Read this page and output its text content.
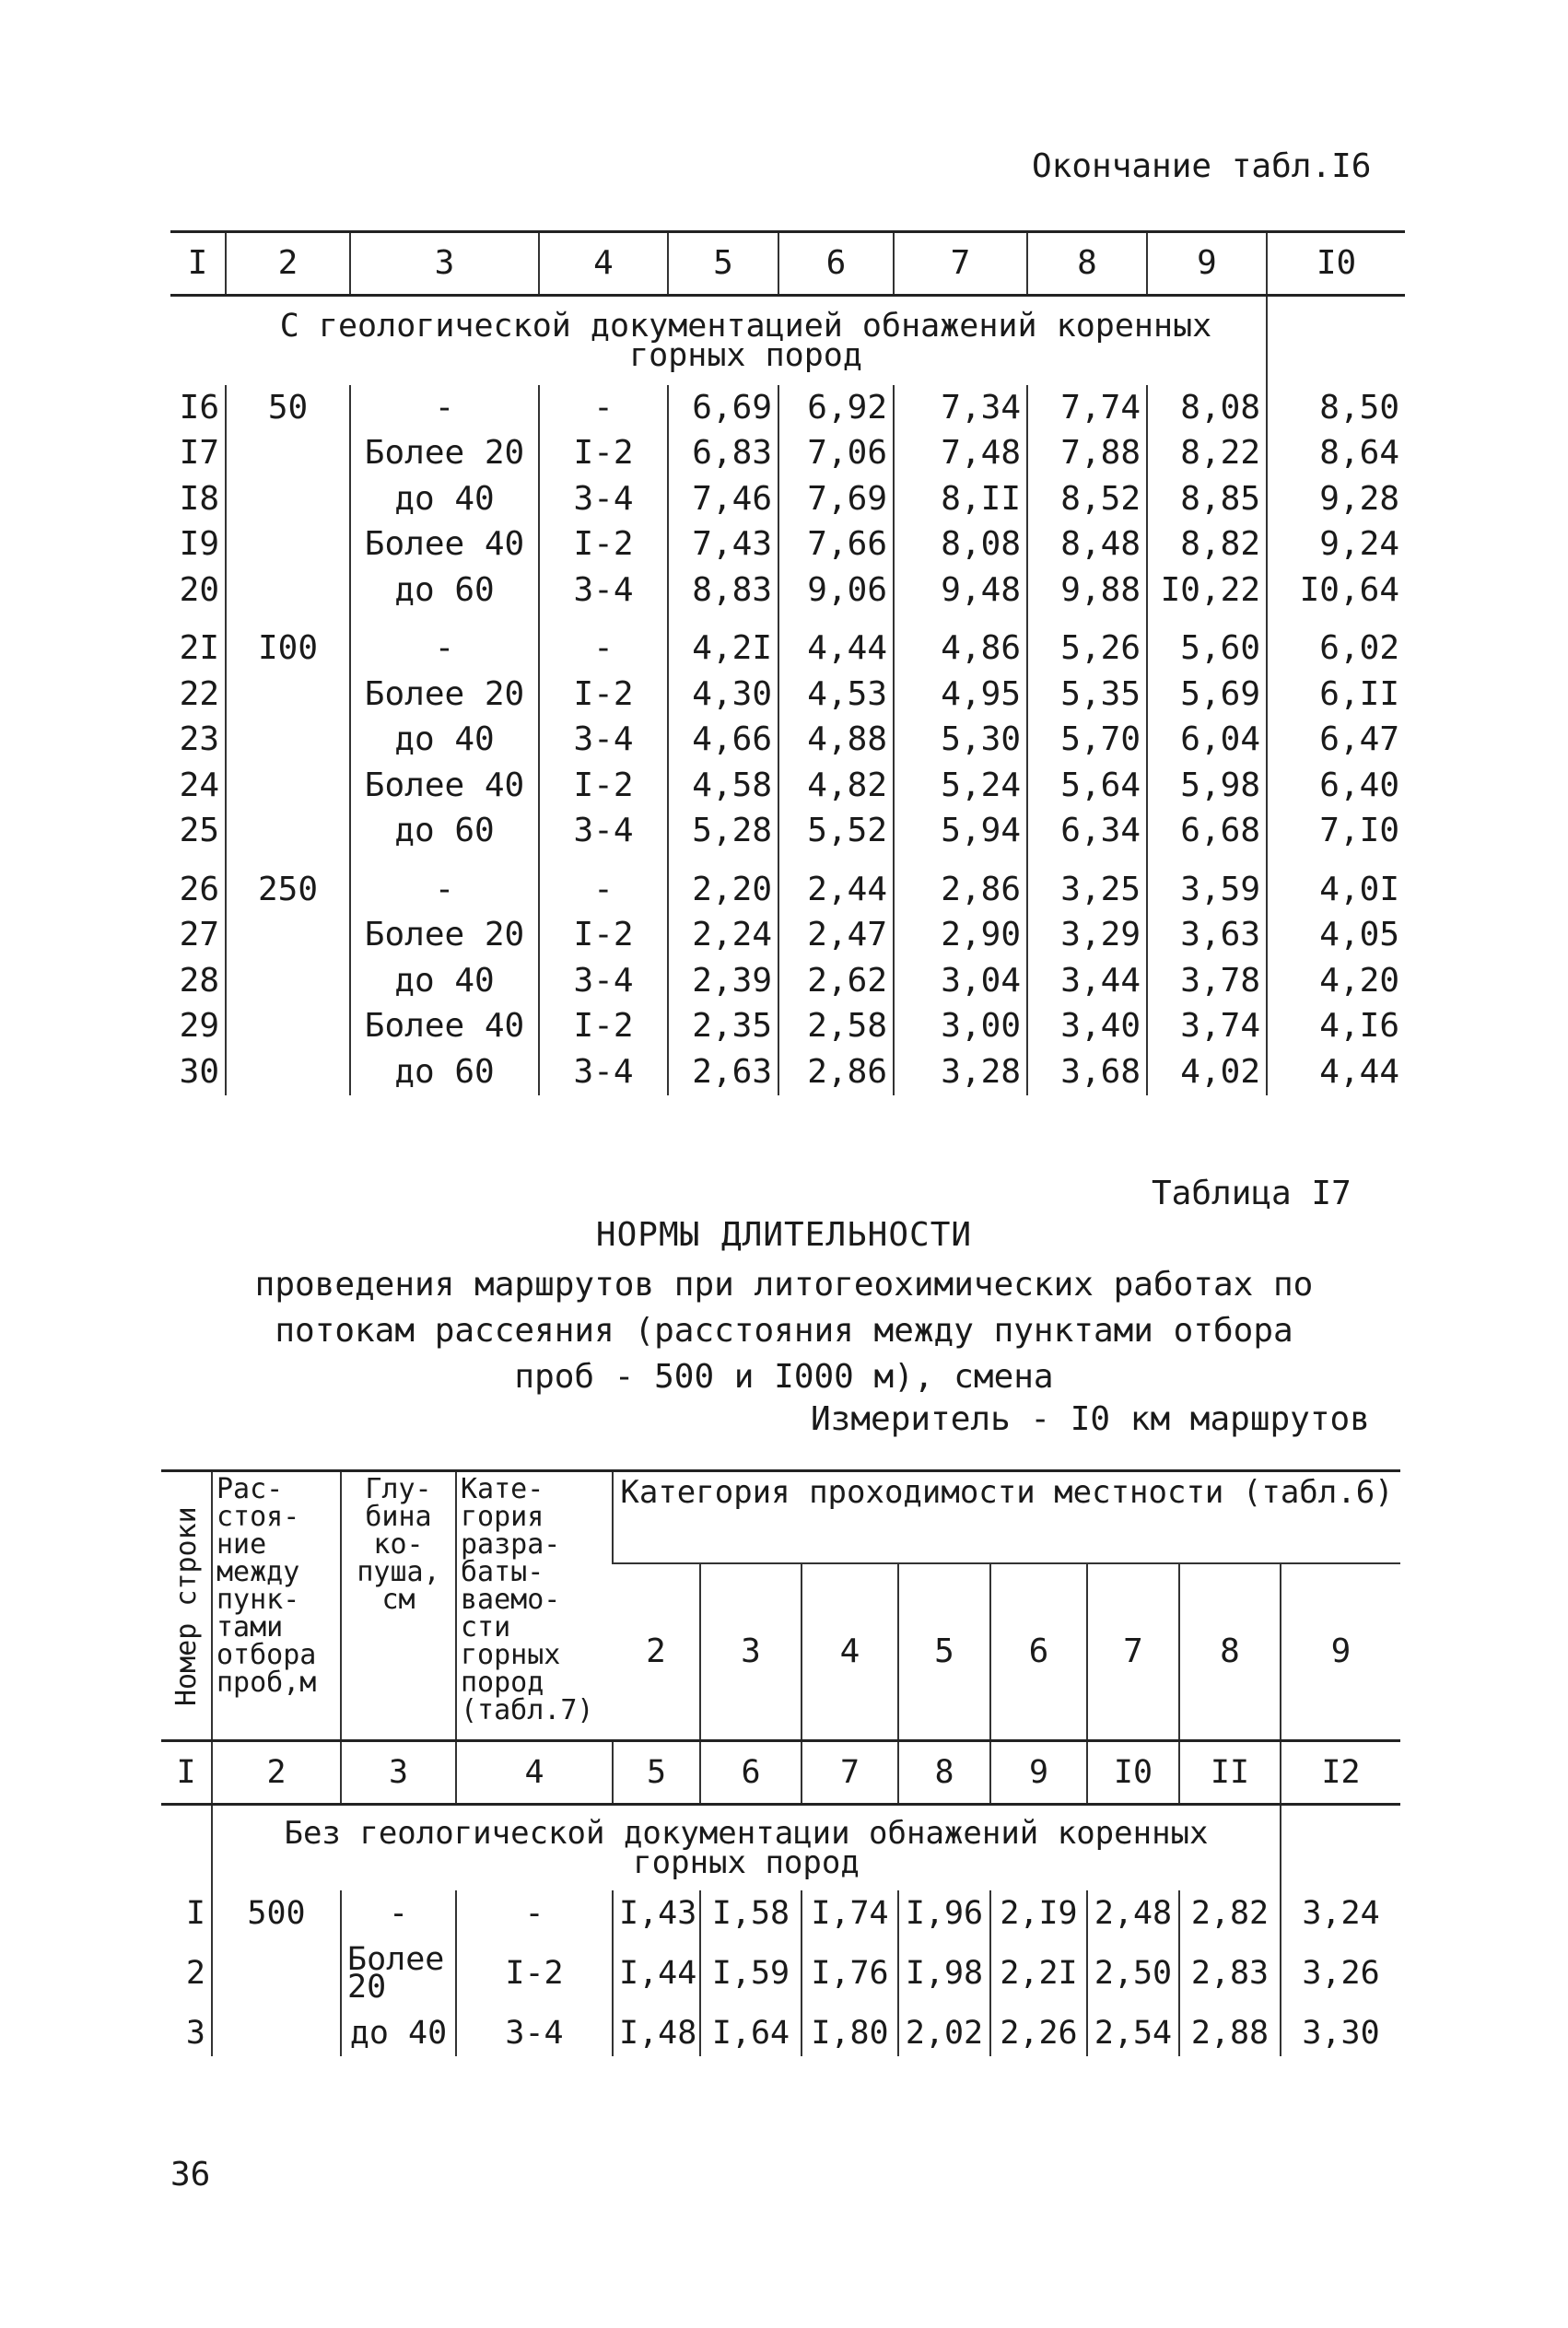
Окончание табл.I6
I	2	3	4	5	6	7	8	9	I0
	С геологической документацией обнажений коренных горных пород								
I6	50	-	-	6,69	6,92	7,34	7,74	8,08	8,50
I7		Более 20	I-2	6,83	7,06	7,48	7,88	8,22	8,64
I8		до 40	3-4	7,46	7,69	8,II	8,52	8,85	9,28
I9		Более 40	I-2	7,43	7,66	8,08	8,48	8,82	9,24
20		до 60	3-4	8,83	9,06	9,48	9,88	I0,22	I0,64
2I	I00	-	-	4,2I	4,44	4,86	5,26	5,60	6,02
22		Более 20	I-2	4,30	4,53	4,95	5,35	5,69	6,II
23		до 40	3-4	4,66	4,88	5,30	5,70	6,04	6,47
24		Более 40	I-2	4,58	4,82	5,24	5,64	5,98	6,40
25		до 60	3-4	5,28	5,52	5,94	6,34	6,68	7,I0
26	250	-	-	2,20	2,44	2,86	3,25	3,59	4,0I
27		Более 20	I-2	2,24	2,47	2,90	3,29	3,63	4,05
28		до 40	3-4	2,39	2,62	3,04	3,44	3,78	4,20
29		Более 40	I-2	2,35	2,58	3,00	3,40	3,74	4,I6
30		до 60	3-4	2,63	2,86	3,28	3,68	4,02	4,44
Таблица I7
НОРМЫ ДЛИТЕЛЬНОСТИ
проведения маршрутов при литогеохимических работах по
потокам рассеяния (расстояния между пунктами отбора
проб - 500 и I000 м), смена
Измеритель - I0 км маршрутов
Номер строки	Рас- стоя- ние между пунк- тами отбора проб,м	Глу- бина ко- пуша, см	Кате- гория разра- баты- ваемо- сти горных пород (табл.7)	Категория проходимости местности (табл.6)							
				2	3	4	5	6	7	8	9
I	2	3	4	5	6	7	8	9	I0	II	I2
	Без геологической документации обнажений коренных горных пород										
I	500	-	-	I,43	I,58	I,74	I,96	2,I9	2,48	2,82	3,24
2		Более 20	I-2	I,44	I,59	I,76	I,98	2,2I	2,50	2,83	3,26
3		до 40	3-4	I,48	I,64	I,80	2,02	2,26	2,54	2,88	3,30
36
